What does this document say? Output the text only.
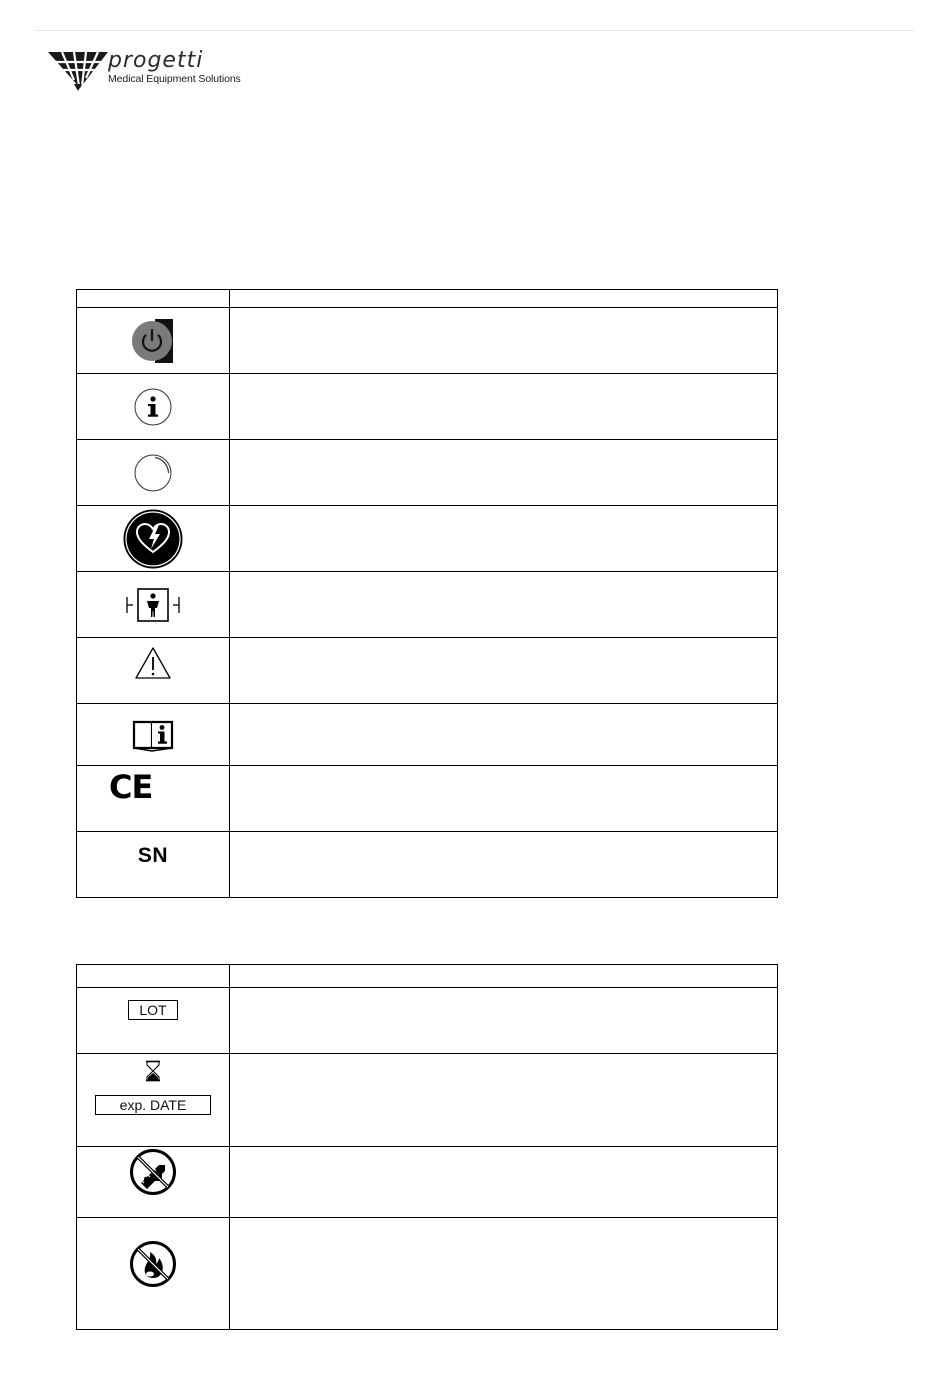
progetti
Medical Equipment Solutions

CE	

SN	

LOT	

exp. DATE	
